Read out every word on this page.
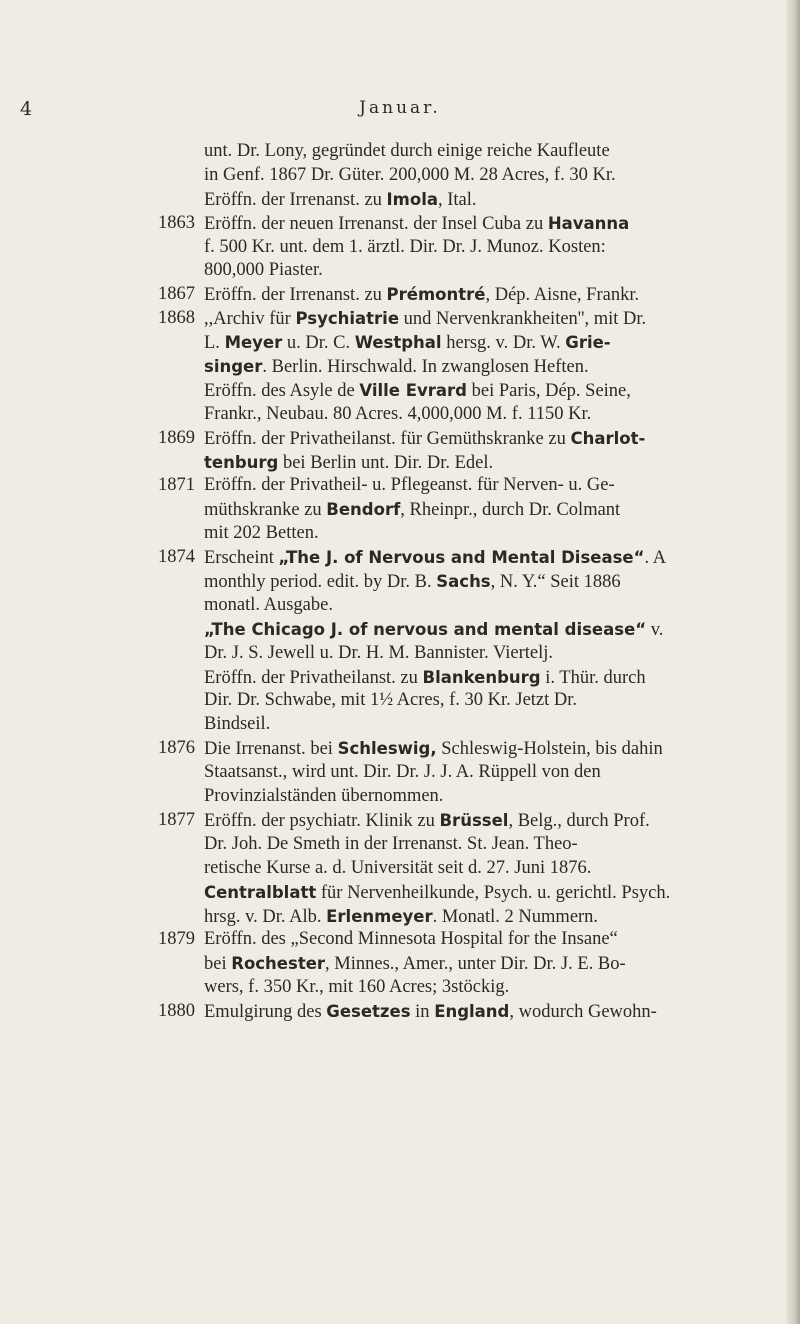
4	Januar.
unt. Dr. Lony, gegründet durch einige reiche Kaufleute
in Genf. 1867 Dr. Güter. 200,000 M. 28 Acres, f. 30 Kr.
Eröffn. der Irrenanst. zu Imola, Ital.
1863 Eröffn. der neuen Irrenanst. der Insel Cuba zu Havanna
f. 500 Kr. unt. dem 1. ärztl. Dir. Dr. J. Munoz. Kosten:
800,000 Piaster.
1867 Eröffn. der Irrenanst. zu Prémontré, Dép. Aisne, Frankr.
1868 ,,Archiv für Psychiatrie und Nervenkrankheiten'', mit Dr.
L. Meyer u. Dr. C. Westphal hersg. v. Dr. W. Grie-
singer. Berlin. Hirschwald. In zwanglosen Heften.
Eröffn. des Asyle de Ville Evrard bei Paris, Dép. Seine,
Frankr., Neubau. 80 Acres. 4,000,000 M. f. 1150 Kr.
1869 Eröffn. der Privatheilanst. für Gemüthskranke zu Charlot-
tenburg bei Berlin unt. Dir. Dr. Edel.
1871 Eröffn. der Privatheil- u. Pflegeanst. für Nerven- u. Ge-
müthskranke zu Bendorf, Rheinpr., durch Dr. Colmant
mit 202 Betten.
1874 Erscheint „The J. of Nervous and Mental Disease“. A
monthly period. edit. by Dr. B. Sachs, N. Y.“ Seit 1886
monatl. Ausgabe.
„The Chicago J. of nervous and mental disease“ v.
Dr. J. S. Jewell u. Dr. H. M. Bannister. Viertelj.
Eröffn. der Privatheilanst. zu Blankenburg i. Thür. durch
Dir. Dr. Schwabe, mit 1½ Acres, f. 30 Kr. Jetzt Dr.
Bindseil.
1876 Die Irrenanst. bei Schleswig, Schleswig-Holstein, bis dahin
Staatsanst., wird unt. Dir. Dr. J. J. A. Rüppell von den
Provinzialständen übernommen.
1877 Eröffn. der psychiatr. Klinik zu Brüssel, Belg., durch Prof.
Dr. Joh. De Smeth in der Irrenanst. St. Jean. Theo-
retische Kurse a. d. Universität seit d. 27. Juni 1876.
Centralblatt für Nervenheilkunde, Psych. u. gerichtl. Psych.
hrsg. v. Dr. Alb. Erlenmeyer. Monatl. 2 Nummern.
1879 Eröffn. des „Second Minnesota Hospital for the Insane“
bei Rochester, Minnes., Amer., unter Dir. Dr. J. E. Bo-
wers, f. 350 Kr., mit 160 Acres; 3stöckig.
1880 Emulgirung des Gesetzes in England, wodurch Gewohn-
